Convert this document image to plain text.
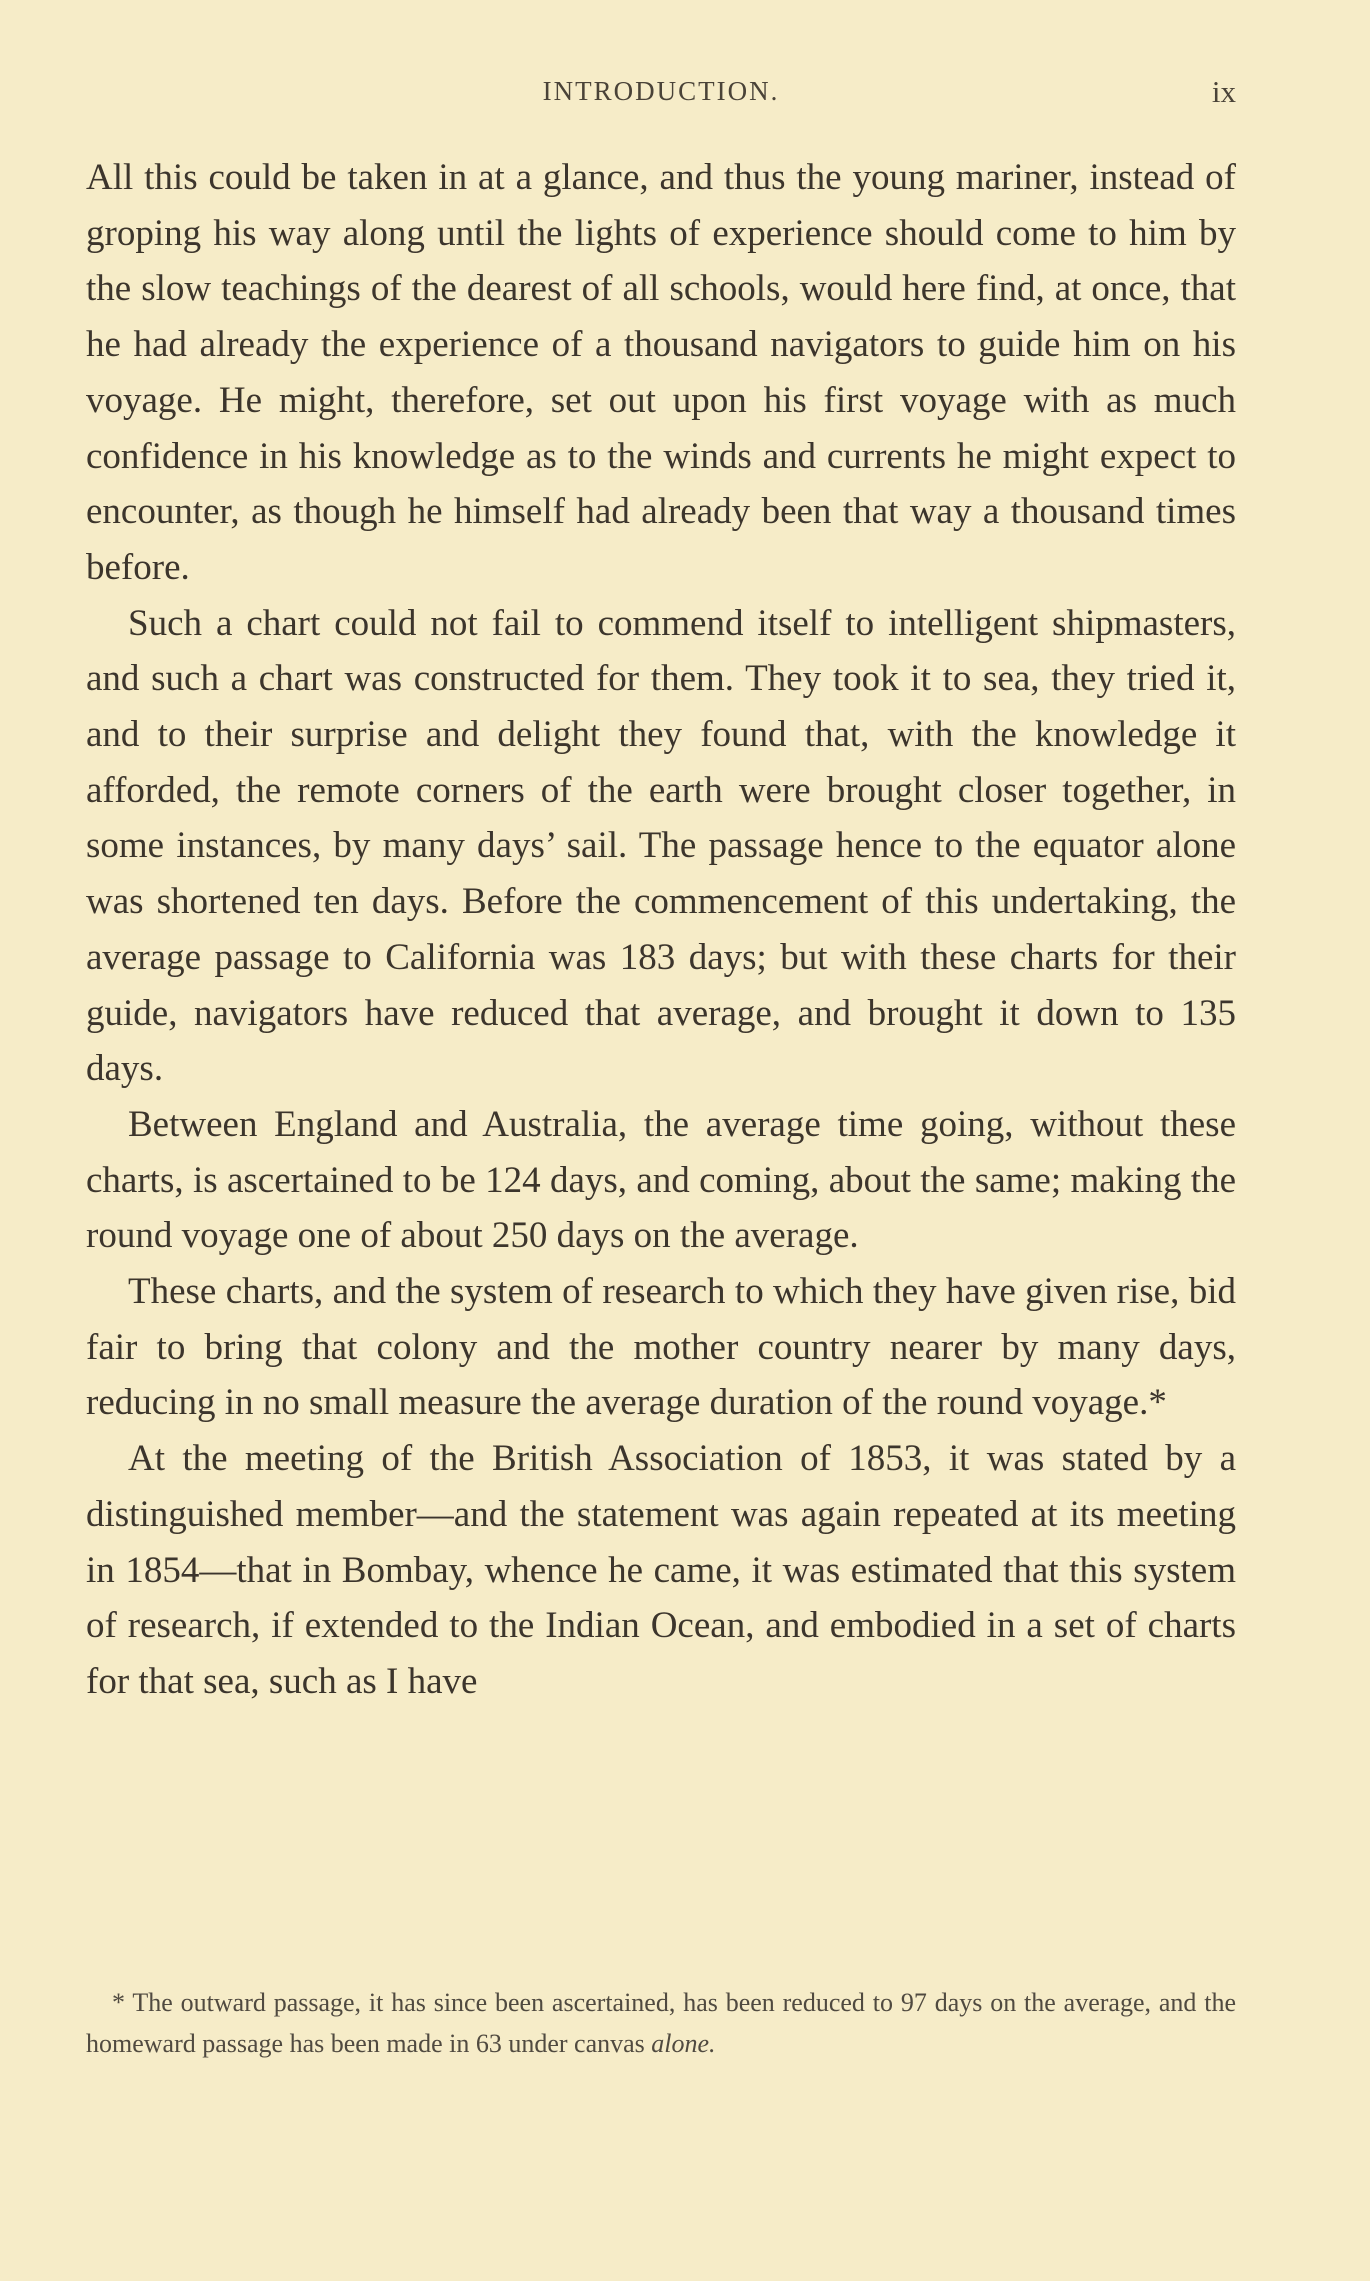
INTRODUCTION.	ix

All this could be taken in at a glance, and thus the young mariner, instead of groping his way along until the lights of experience should come to him by the slow teachings of the dearest of all schools, would here find, at once, that he had already the experience of a thousand navigators to guide him on his voyage. He might, therefore, set out upon his first voyage with as much confidence in his knowledge as to the winds and currents he might expect to encounter, as though he himself had already been that way a thousand times before.

Such a chart could not fail to commend itself to intelligent shipmasters, and such a chart was constructed for them. They took it to sea, they tried it, and to their surprise and delight they found that, with the knowledge it afforded, the remote corners of the earth were brought closer together, in some instances, by many days’ sail. The passage hence to the equator alone was shortened ten days. Before the commencement of this undertaking, the average passage to California was 183 days; but with these charts for their guide, navigators have reduced that average, and brought it down to 135 days.

Between England and Australia, the average time going, without these charts, is ascertained to be 124 days, and coming, about the same; making the round voyage one of about 250 days on the average.

These charts, and the system of research to which they have given rise, bid fair to bring that colony and the mother country nearer by many days, reducing in no small measure the average duration of the round voyage.*

At the meeting of the British Association of 1853, it was stated by a distinguished member—and the statement was again repeated at its meeting in 1854—that in Bombay, whence he came, it was estimated that this system of research, if extended to the Indian Ocean, and embodied in a set of charts for that sea, such as I have

* The outward passage, it has since been ascertained, has been reduced to 97 days on the average, and the homeward passage has been made in 63 under canvas alone.
